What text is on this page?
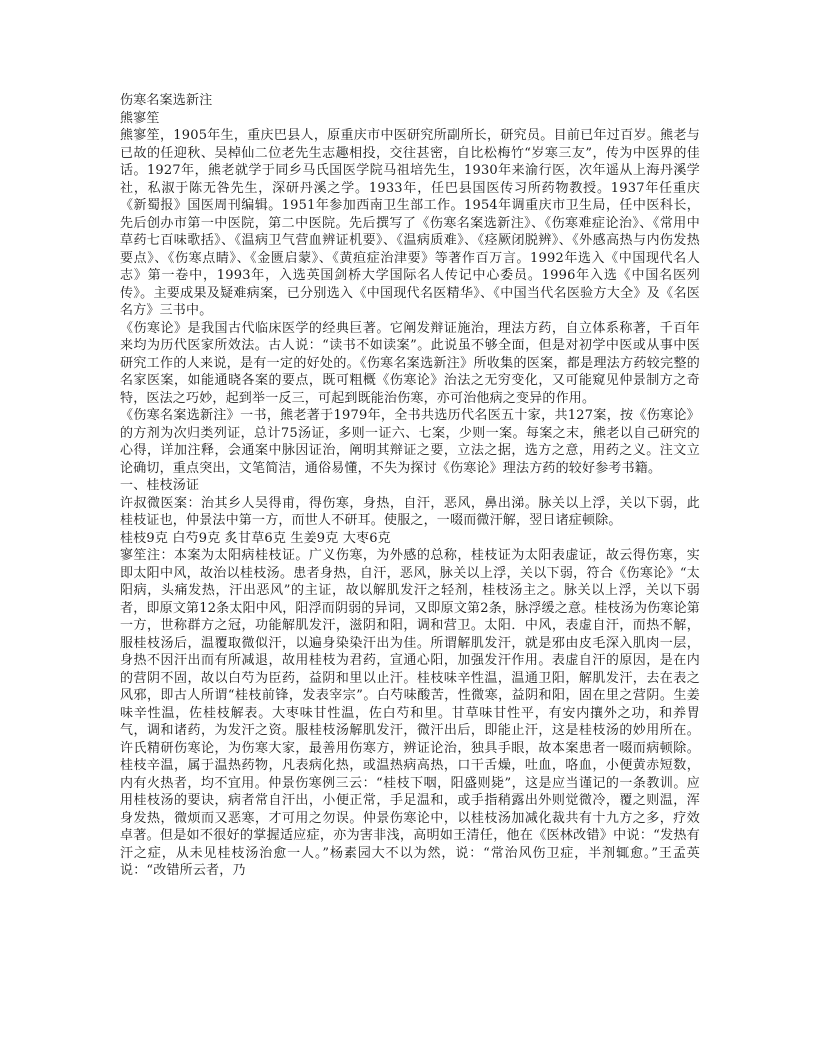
伤寒名案选新注

熊寥笙

熊寥笙，1905年生，重庆巴县人，原重庆市中医研究所副所长，研究员。目前已年过百岁。熊老与已故的任迎秋、吴棹仙二位老先生志趣相投，交往甚密，自比松梅竹“岁寒三友”，传为中医界的佳话。1927年，熊老就学于同乡马氏国医学院马祖培先生，1930年来渝行医，次年遥从上海丹溪学社，私淑于陈无咎先生，深研丹溪之学。1933年，任巴县国医传习所药物教授。1937年任重庆《新蜀报》国医周刊编辑。1951年参加西南卫生部工作。1954年调重庆市卫生局，任中医科长，先后创办市第一中医院，第二中医院。先后撰写了《伤寒名案选新注》、《伤寒难症论治》、《常用中草药七百味歌括》、《温病卫气营血辨证机要》、《温病质难》、《痉厥闭脱辨》、《外感高热与内伤发热要点》、《伤寒点睛》、《金匮启蒙》、《黄疸症治津要》等著作百万言。1992年选入《中国现代名人志》第一卷中，1993年，入选英国剑桥大学国际名人传记中心委员。1996年入选《中国名医列传》。主要成果及疑难病案，已分别选入《中国现代名医精华》、《中国当代名医验方大全》及《名医名方》三书中。

《伤寒论》是我国古代临床医学的经典巨著。它阐发辩证施治，理法方药，自立体系称著，千百年来均为历代医家所效法。古人说：“读书不如读案”。此说虽不够全面，但是对初学中医或从事中医研究工作的人来说，是有一定的好处的。《伤寒名案选新注》所收集的医案，都是理法方药较完整的名家医案，如能通晓各案的要点，既可粗概《伤寒论》治法之无穷变化，又可能窥见仲景制方之奇特，医法之巧妙，起到举一反三，可起到既能治伤寒，亦可治他病之变异的作用。

《伤寒名案选新注》一书，熊老著于1979年，全书共选历代名医五十家，共127案，按《伤寒论》的方剂为次归类列证，总计75汤证，多则一证六、七案，少则一案。每案之末，熊老以自己研究的心得，详加注释，会通案中脉因证治，阐明其辩证之要，立法之据，选方之意，用药之义。注文立论确切，重点突出，文笔简洁，通俗易懂，不失为探讨《伤寒论》理法方药的较好参考书籍。

一、桂枝汤证

许叔微医案：治其乡人吴得甫，得伤寒，身热，自汗，恶风，鼻出涕。脉关以上浮，关以下弱，此桂枝证也，仲景法中第一方，而世人不研耳。使服之，一啜而微汗解，翌日诸症顿除。

桂枝9克 白芍9克 炙甘草6克 生姜9克 大枣6克

寥笙注：本案为太阳病桂枝证。广义伤寒，为外感的总称，桂枝证为太阳表虚证，故云得伤寒，实即太阳中风，故治以桂枝汤。患者身热，自汗，恶风，脉关以上浮，关以下弱，符合《伤寒论》“太阳病，头痛发热，汗出恶风”的主证，故以解肌发汗之轻剂，桂枝汤主之。脉关以上浮，关以下弱者，即原文第12条太阳中风，阳浮而阴弱的异词，又即原文第2条，脉浮缓之意。桂枝汤为伤寒论第一方，世称群方之冠，功能解肌发汗，滋阴和阳，调和营卫。太阳．中风，表虚自汗，而热不解，服桂枝汤后，温覆取微似汗，以遍身染染汗出为佳。所谓解肌发汗，就是邪由皮毛深入肌肉一层，身热不因汗出而有所减退，故用桂枝为君药，宣通心阳，加强发汗作用。表虚自汗的原因，是在内的营阴不固，故以白芍为臣药，益阴和里以止汗。桂枝味辛性温，温通卫阳，解肌发汗，去在表之风邪，即古人所谓“桂枝前锋，发表宰宗”。白芍味酸苦，性微寒，益阴和阳，固在里之营阴。生姜味辛性温，佐桂枝解表。大枣味甘性温，佐白芍和里。甘草味甘性平，有安内攘外之功，和养胃气，调和诸药，为发汗之资。服桂枝汤解肌发汗，微汗出后，即能止汗，这是桂枝汤的妙用所在。许氏精研伤寒论，为伤寒大家，最善用伤寒方，辨证论治，独具手眼，故本案患者一啜而病顿除。桂枝辛温，属于温热药物，凡表病化热，或温热病高热，口干舌燥，吐血，咯血，小便黄赤短数，内有火热者，均不宜用。仲景伤寒例三云：“桂枝下咽，阳盛则毙”，这是应当谨记的一条教训。应用桂枝汤的要诀，病者常自汗出，小便正常，手足温和，或手指稍露出外则觉微冷，覆之则温，浑身发热，微烦而又恶寒，才可用之勿误。仲景伤寒论中，以桂枝汤加减化裁共有十九方之多，疗效卓著。但是如不很好的掌握适应症，亦为害非浅，高明如王清任，他在《医林改错》中说：“发热有汗之症，从未见桂枝汤治愈一人。”杨素园大不以为然，说：“常治风伤卫症，半剂辄愈。”王孟英说：“改错所云者，乃
